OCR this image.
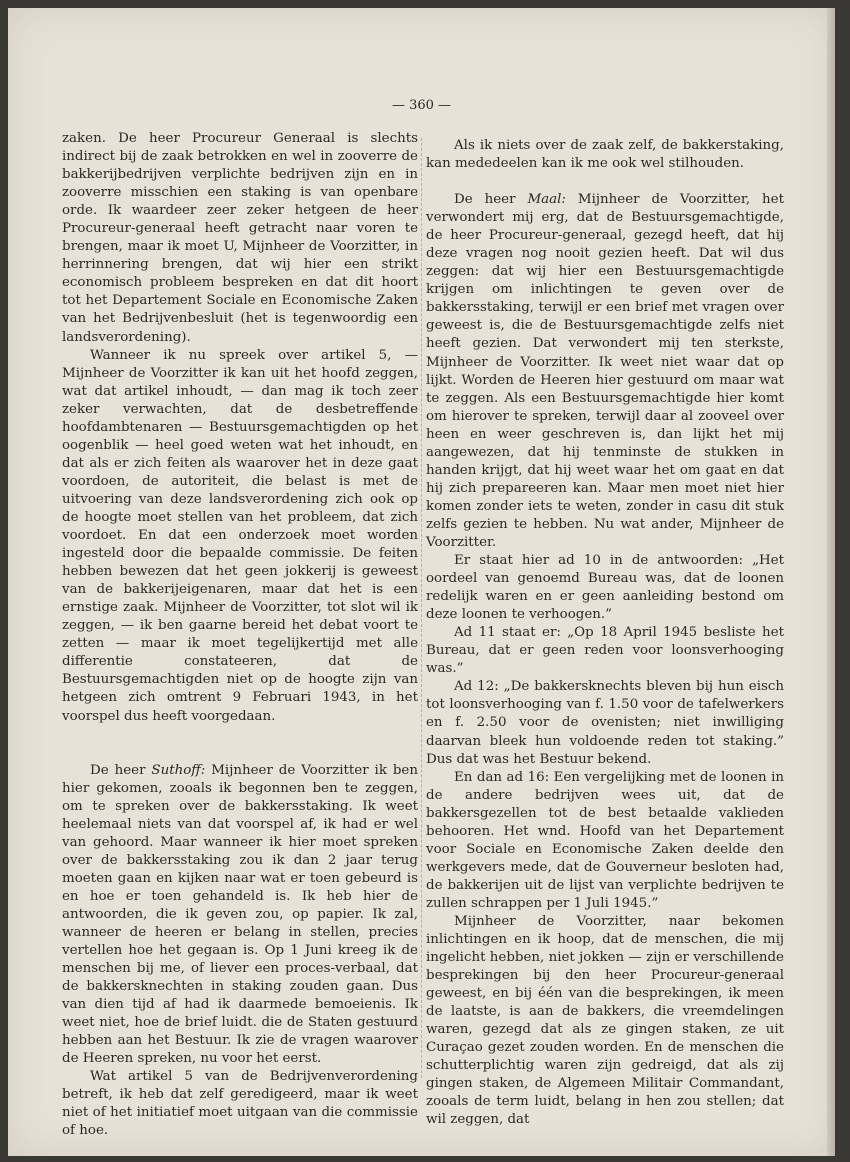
— 360 —

zaken. De heer Procureur Generaal is slechts indirect bij de zaak betrokken en wel in zooverre de bakkerijbedrijven verplichte bedrijven zijn en in zooverre misschien een staking is van openbare orde. Ik waardeer zeer zeker hetgeen de heer Procureur-generaal heeft getracht naar voren te brengen, maar ik moet U, Mijnheer de Voorzitter, in herrinnering brengen, dat wij hier een strikt economisch probleem bespreken en dat dit hoort tot het Departement Sociale en Economische Zaken van het Bedrijvenbesluit (het is tegenwoordig een landsverordening).

Wanneer ik nu spreek over artikel 5, — Mijnheer de Voorzitter ik kan uit het hoofd zeggen, wat dat artikel inhoudt, — dan mag ik toch zeer zeker verwachten, dat de desbetreffende hoofdambtenaren — Bestuursgemachtigden op het oogenblik — heel goed weten wat het inhoudt, en dat als er zich feiten als waarover het in deze gaat voordoen, de autoriteit, die belast is met de uitvoering van deze landsverordening zich ook op de hoogte moet stellen van het probleem, dat zich voordoet. En dat een onderzoek moet worden ingesteld door die bepaalde commissie. De feiten hebben bewezen dat het geen jokkerij is geweest van de bakkerijeigenaren, maar dat het is een ernstige zaak. Mijnheer de Voorzitter, tot slot wil ik zeggen, — ik ben gaarne bereid het debat voort te zetten — maar ik moet tegelijkertijd met alle differentie constateeren, dat de Bestuursgemachtigden niet op de hoogte zijn van hetgeen zich omtrent 9 Februari 1943, in het voorspel dus heeft voorgedaan.

De heer Suthoff: Mijnheer de Voorzitter ik ben hier gekomen, zooals ik begonnen ben te zeggen, om te spreken over de bakkersstaking. Ik weet heelemaal niets van dat voorspel af, ik had er wel van gehoord. Maar wanneer ik hier moet spreken over de bakkersstaking zou ik dan 2 jaar terug moeten gaan en kijken naar wat er toen gebeurd is en hoe er toen gehandeld is. Ik heb hier de antwoorden, die ik geven zou, op papier. Ik zal, wanneer de heeren er belang in stellen, precies vertellen hoe het gegaan is. Op 1 Juni kreeg ik de menschen bij me, of liever een proces-verbaal, dat de bakkersknechten in staking zouden gaan. Dus van dien tijd af had ik daarmede bemoeienis. Ik weet niet, hoe de brief luidt. die de Staten gestuurd hebben aan het Bestuur. Ik zie de vragen waarover de Heeren spreken, nu voor het eerst.

Wat artikel 5 van de Bedrijvenverordening betreft, ik heb dat zelf geredigeerd, maar ik weet niet of het initiatief moet uitgaan van die commissie of hoe.

Als ik niets over de zaak zelf, de bakkerstaking, kan mededeelen kan ik me ook wel stilhouden.

De heer Maal: Mijnheer de Voorzitter, het verwondert mij erg, dat de Bestuursgemachtigde, de heer Procureur-generaal, gezegd heeft, dat hij deze vragen nog nooit gezien heeft. Dat wil dus zeggen: dat wij hier een Bestuursgemachtigde krijgen om inlichtingen te geven over de bakkersstaking, terwijl er een brief met vragen over geweest is, die de Bestuursgemachtigde zelfs niet heeft gezien. Dat verwondert mij ten sterkste, Mijnheer de Voorzitter. Ik weet niet waar dat op lijkt. Worden de Heeren hier gestuurd om maar wat te zeggen. Als een Bestuursgemachtigde hier komt om hierover te spreken, terwijl daar al zooveel over heen en weer geschreven is, dan lijkt het mij aangewezen, dat hij tenminste de stukken in handen krijgt, dat hij weet waar het om gaat en dat hij zich prepareeren kan. Maar men moet niet hier komen zonder iets te weten, zonder in casu dit stuk zelfs gezien te hebben. Nu wat ander, Mijnheer de Voorzitter.

Er staat hier ad 10 in de antwoorden: „Het oordeel van genoemd Bureau was, dat de loonen redelijk waren en er geen aanleiding bestond om deze loonen te verhoogen.”

Ad 11 staat er: „Op 18 April 1945 besliste het Bureau, dat er geen reden voor loonsverhooging was.”

Ad 12: „De bakkersknechts bleven bij hun eisch tot loonsverhooging van f. 1.50 voor de tafelwerkers en f. 2.50 voor de ovenisten; niet inwilliging daarvan bleek hun voldoende reden tot staking.” Dus dat was het Bestuur bekend.

En dan ad 16: Een vergelijking met de loonen in de andere bedrijven wees uit, dat de bakkersgezellen tot de best betaalde vaklieden behooren. Het wnd. Hoofd van het Departement voor Sociale en Economische Zaken deelde den werkgevers mede, dat de Gouverneur besloten had, de bakkerijen uit de lijst van verplichte bedrijven te zullen schrappen per 1 Juli 1945.”

Mijnheer de Voorzitter, naar bekomen inlichtingen en ik hoop, dat de menschen, die mij ingelicht hebben, niet jokken — zijn er verschillende besprekingen bij den heer Procureur-generaal geweest, en bij één van die besprekingen, ik meen de laatste, is aan de bakkers, die vreemdelingen waren, gezegd dat als ze gingen staken, ze uit Curaçao gezet zouden worden. En de menschen die schutterplichtig waren zijn gedreigd, dat als zij gingen staken, de Algemeen Militair Commandant, zooals de term luidt, belang in hen zou stellen; dat wil zeggen, dat
